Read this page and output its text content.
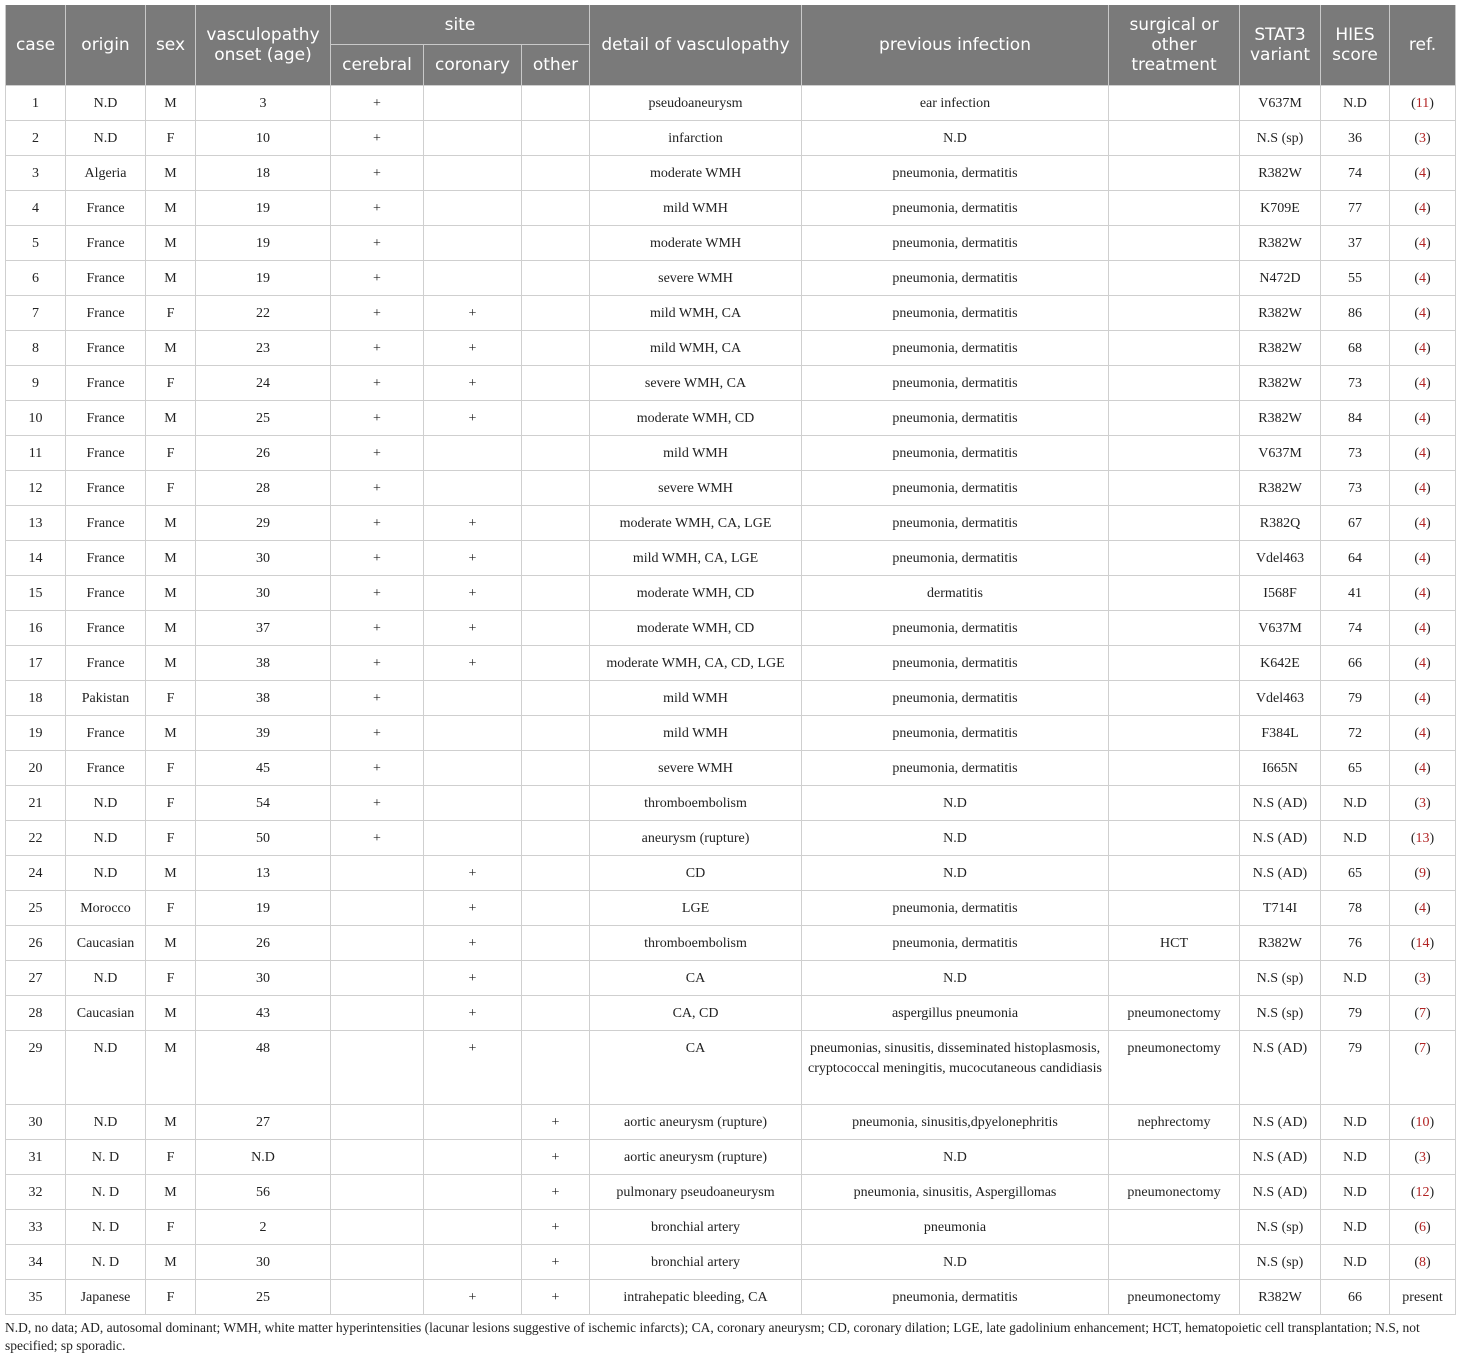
case	origin	sex	vasculopathy onset (age)	site			detail of vasculopathy	previous infection	surgical or other treatment	STAT3 variant	HIES score	ref.
				cerebral	coronary	other						
1	N.D	M	3	+			pseudoaneurysm	ear infection		V637M	N.D	(11)
2	N.D	F	10	+			infarction	N.D		N.S (sp)	36	(3)
3	Algeria	M	18	+			moderate WMH	pneumonia, dermatitis		R382W	74	(4)
4	France	M	19	+			mild WMH	pneumonia, dermatitis		K709E	77	(4)
5	France	M	19	+			moderate WMH	pneumonia, dermatitis		R382W	37	(4)
6	France	M	19	+			severe WMH	pneumonia, dermatitis		N472D	55	(4)
7	France	F	22	+	+		mild WMH, CA	pneumonia, dermatitis		R382W	86	(4)
8	France	M	23	+	+		mild WMH, CA	pneumonia, dermatitis		R382W	68	(4)
9	France	F	24	+	+		severe WMH, CA	pneumonia, dermatitis		R382W	73	(4)
10	France	M	25	+	+		moderate WMH, CD	pneumonia, dermatitis		R382W	84	(4)
11	France	F	26	+			mild WMH	pneumonia, dermatitis		V637M	73	(4)
12	France	F	28	+			severe WMH	pneumonia, dermatitis		R382W	73	(4)
13	France	M	29	+	+		moderate WMH, CA, LGE	pneumonia, dermatitis		R382Q	67	(4)
14	France	M	30	+	+		mild WMH, CA, LGE	pneumonia, dermatitis		Vdel463	64	(4)
15	France	M	30	+	+		moderate WMH, CD	dermatitis		I568F	41	(4)
16	France	M	37	+	+		moderate WMH, CD	pneumonia, dermatitis		V637M	74	(4)
17	France	M	38	+	+		moderate WMH, CA, CD, LGE	pneumonia, dermatitis		K642E	66	(4)
18	Pakistan	F	38	+			mild WMH	pneumonia, dermatitis		Vdel463	79	(4)
19	France	M	39	+			mild WMH	pneumonia, dermatitis		F384L	72	(4)
20	France	F	45	+			severe WMH	pneumonia, dermatitis		I665N	65	(4)
21	N.D	F	54	+			thromboembolism	N.D		N.S (AD)	N.D	(3)
22	N.D	F	50	+			aneurysm (rupture)	N.D		N.S (AD)	N.D	(13)
24	N.D	M	13		+		CD	N.D		N.S (AD)	65	(9)
25	Morocco	F	19		+		LGE	pneumonia, dermatitis		T714I	78	(4)
26	Caucasian	M	26		+		thromboembolism	pneumonia, dermatitis	HCT	R382W	76	(14)
27	N.D	F	30		+		CA	N.D		N.S (sp)	N.D	(3)
28	Caucasian	M	43		+		CA, CD	aspergillus pneumonia	pneumonectomy	N.S (sp)	79	(7)
29	N.D	M	48		+		CA	pneumonias, sinusitis, disseminated histoplasmosis, cryptococcal meningitis, mucocutaneous candidiasis	pneumonectomy	N.S (AD)	79	(7)
30	N.D	M	27			+	aortic aneurysm (rupture)	pneumonia, sinusitis,dpyelonephritis	nephrectomy	N.S (AD)	N.D	(10)
31	N. D	F	N.D			+	aortic aneurysm (rupture)	N.D		N.S (AD)	N.D	(3)
32	N. D	M	56			+	pulmonary pseudoaneurysm	pneumonia, sinusitis, Aspergillomas	pneumonectomy	N.S (AD)	N.D	(12)
33	N. D	F	2			+	bronchial artery	pneumonia		N.S (sp)	N.D	(6)
34	N. D	M	30			+	bronchial artery	N.D		N.S (sp)	N.D	(8)
35	Japanese	F	25		+	+	intrahepatic bleeding, CA	pneumonia, dermatitis	pneumonectomy	R382W	66	present
N.D, no data; AD, autosomal dominant; WMH, white matter hyperintensities (lacunar lesions suggestive of ischemic infarcts); CA, coronary aneurysm; CD, coronary dilation; LGE, late gadolinium enhancement; HCT, hematopoietic cell transplantation; N.S, not specified; sp sporadic.
